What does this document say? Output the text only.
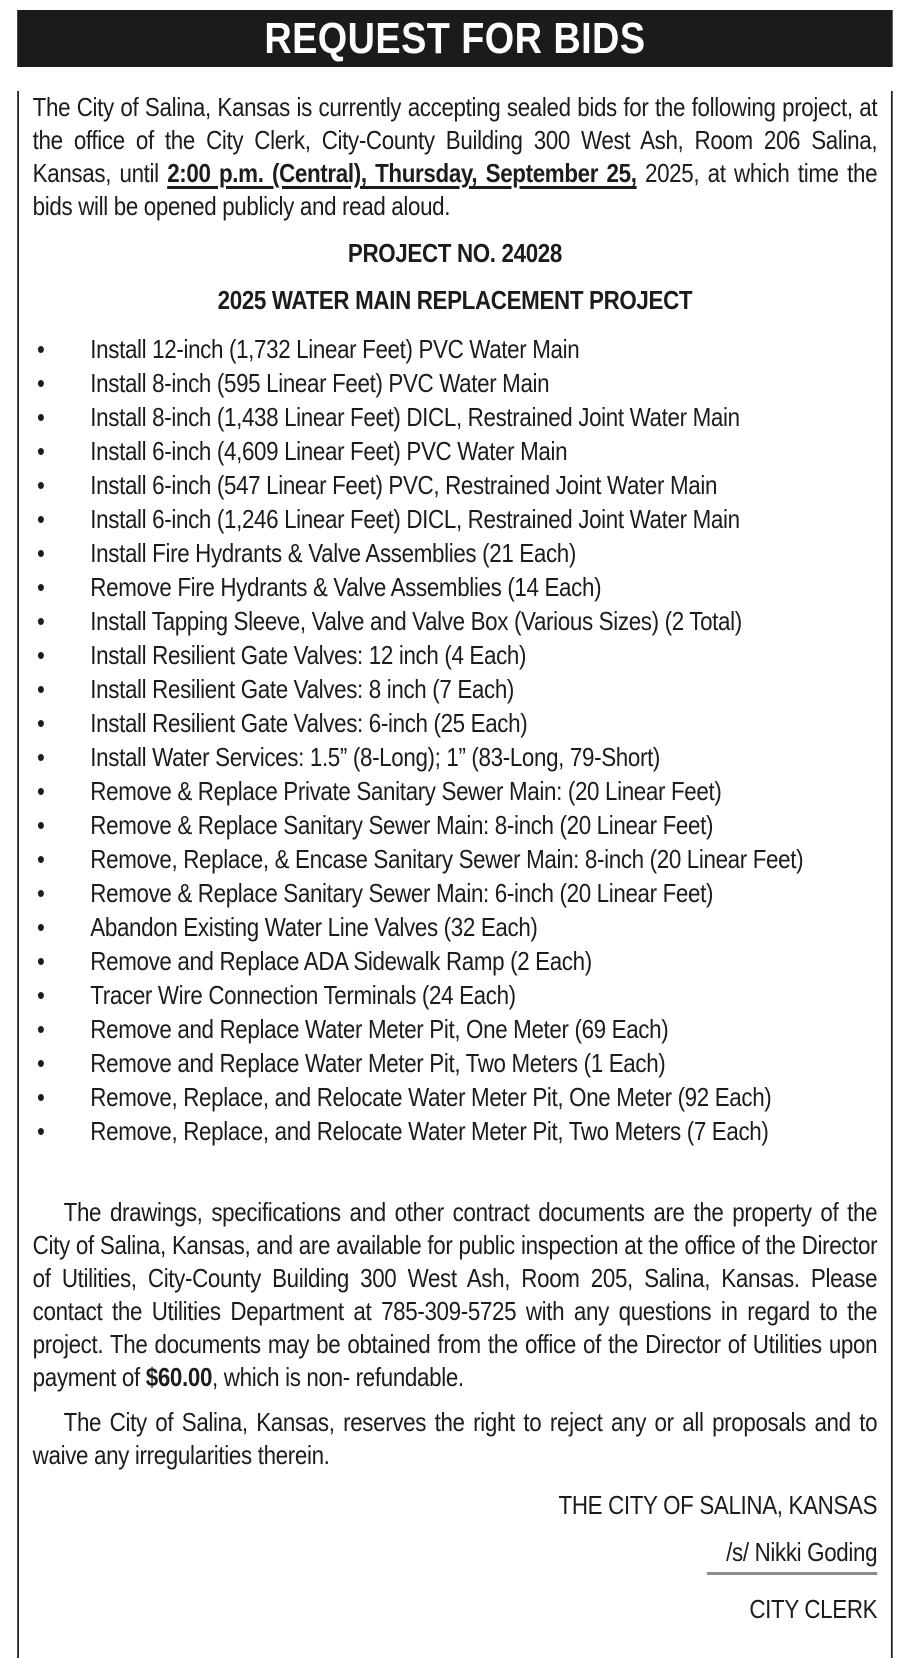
REQUEST FOR BIDS

The City of Salina, Kansas is currently accepting sealed bids for the following project, at the office of the City Clerk, City-County Building 300 West Ash, Room 206 Salina, Kansas, until 2:00 p.m. (Central), Thursday, September 25, 2025, at which time the bids will be opened publicly and read aloud.

PROJECT NO. 24028
2025 WATER MAIN REPLACEMENT PROJECT
•	Install 12-inch (1,732 Linear Feet) PVC Water Main
•	Install 8-inch (595 Linear Feet) PVC Water Main
•	Install 8-inch (1,438 Linear Feet) DICL, Restrained Joint Water Main
•	Install 6-inch (4,609 Linear Feet) PVC Water Main
•	Install 6-inch (547 Linear Feet) PVC, Restrained Joint Water Main
•	Install 6-inch (1,246 Linear Feet) DICL, Restrained Joint Water Main
•	Install Fire Hydrants & Valve Assemblies (21 Each)
•	Remove Fire Hydrants & Valve Assemblies (14 Each)
•	Install Tapping Sleeve, Valve and Valve Box (Various Sizes) (2 Total)
•	Install Resilient Gate Valves: 12 inch (4 Each)
•	Install Resilient Gate Valves: 8 inch (7 Each)
•	Install Resilient Gate Valves: 6-inch (25 Each)
•	Install Water Services: 1.5” (8-Long); 1” (83-Long, 79-Short)
•	Remove & Replace Private Sanitary Sewer Main: (20 Linear Feet)
•	Remove & Replace Sanitary Sewer Main: 8-inch (20 Linear Feet)
•	Remove, Replace, & Encase Sanitary Sewer Main: 8-inch (20 Linear Feet)
•	Remove & Replace Sanitary Sewer Main: 6-inch (20 Linear Feet)
•	Abandon Existing Water Line Valves (32 Each)
•	Remove and Replace ADA Sidewalk Ramp (2 Each)
•	Tracer Wire Connection Terminals (24 Each)
•	Remove and Replace Water Meter Pit, One Meter (69 Each)
•	Remove and Replace Water Meter Pit, Two Meters (1 Each)
•	Remove, Replace, and Relocate Water Meter Pit, One Meter (92 Each)
•	Remove, Replace, and Relocate Water Meter Pit, Two Meters (7 Each)

The drawings, specifications and other contract documents are the property of the City of Salina, Kansas, and are available for public inspection at the office of the Director of Utilities, City-County Building 300 West Ash, Room 205, Salina, Kansas. Please contact the Utilities Department at 785-309-5725 with any questions in regard to the project. The documents may be obtained from the office of the Director of Utilities upon payment of $60.00, which is non- refundable.

The City of Salina, Kansas, reserves the right to reject any or all proposals and to waive any irregularities therein.

THE CITY OF SALINA, KANSAS
/s/ Nikki Goding
CITY CLERK
